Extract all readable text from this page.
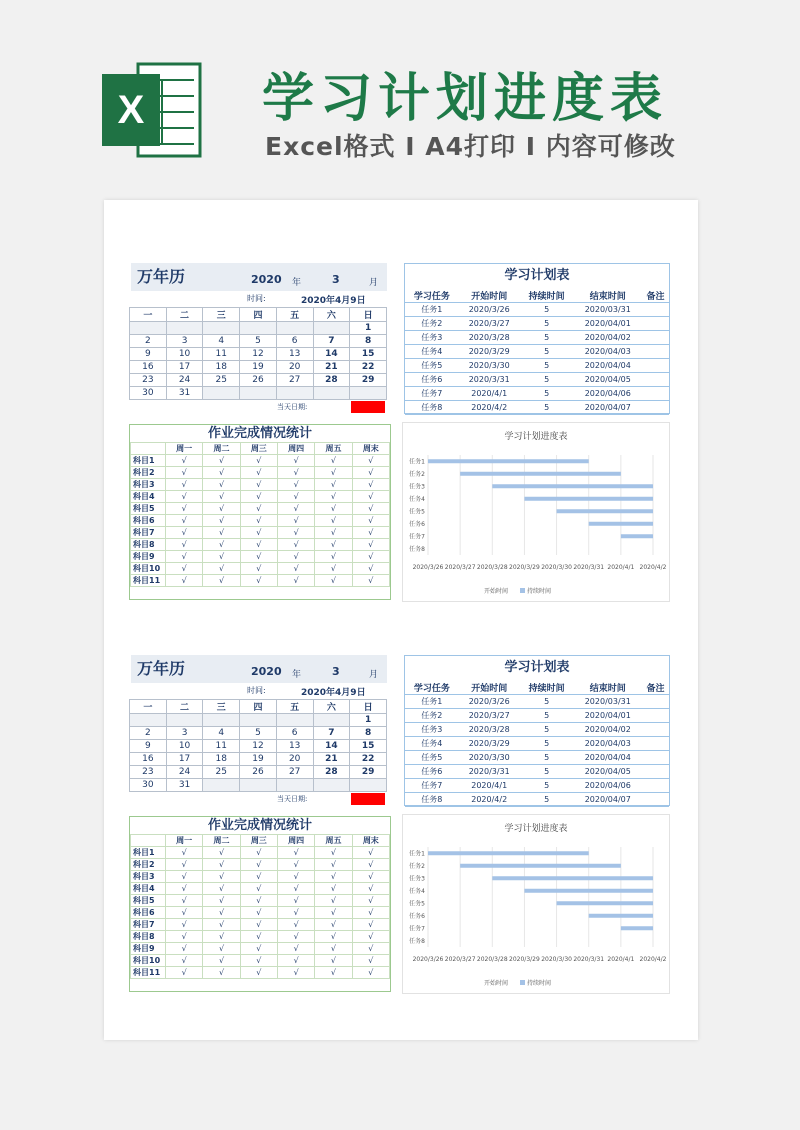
X 学习计划进度表
Excel格式 I A4打印 I 内容可修改
万年历	2020 年	3	月
时间:	2020年4月9日
一	二	三	四	五	六	日
						1
2	3	4	5	6	7	8
9	10	11	12	13	14	15
16	17	18	19	20	21	22
23	24	25	26	27	28	29
30	31					
当天日期:
学习计划表
学习任务	开始时间	持续时间	结束时间	备注
任务1	2020/3/26	5	2020/03/31	
任务2	2020/3/27	5	2020/04/01	
任务3	2020/3/28	5	2020/04/02	
任务4	2020/3/29	5	2020/04/03	
任务5	2020/3/30	5	2020/04/04	
任务6	2020/3/31	5	2020/04/05	
任务7	2020/4/1	5	2020/04/06	
任务8	2020/4/2	5	2020/04/07	
作业完成情况统计
	周一	周二	周三	周四	周五	周末
科目1	√	√	√	√	√	√
科目2	√	√	√	√	√	√
科目3	√	√	√	√	√	√
科目4	√	√	√	√	√	√
科目5	√	√	√	√	√	√
科目6	√	√	√	√	√	√
科目7	√	√	√	√	√	√
科目8	√	√	√	√	√	√
科目9	√	√	√	√	√	√
科目10	√	√	√	√	√	√
科目11	√	√	√	√	√	√
学习计划进度表
2020/3/26 2020/3/27 2020/3/28 2020/3/29 2020/3/30 2020/3/31 2020/4/1 2020/4/2
任务1
任务2
任务3
任务4
任务5
任务6
任务7
任务8
开始时间	持续时间
万年历	2020 年	3	月
时间:	2020年4月9日
一	二	三	四	五	六	日
						1
2	3	4	5	6	7	8
9	10	11	12	13	14	15
16	17	18	19	20	21	22
23	24	25	26	27	28	29
30	31					
当天日期:
学习计划表
学习任务	开始时间	持续时间	结束时间	备注
任务1	2020/3/26	5	2020/03/31	
任务2	2020/3/27	5	2020/04/01	
任务3	2020/3/28	5	2020/04/02	
任务4	2020/3/29	5	2020/04/03	
任务5	2020/3/30	5	2020/04/04	
任务6	2020/3/31	5	2020/04/05	
任务7	2020/4/1	5	2020/04/06	
任务8	2020/4/2	5	2020/04/07	
作业完成情况统计
	周一	周二	周三	周四	周五	周末
科目1	√	√	√	√	√	√
科目2	√	√	√	√	√	√
科目3	√	√	√	√	√	√
科目4	√	√	√	√	√	√
科目5	√	√	√	√	√	√
科目6	√	√	√	√	√	√
科目7	√	√	√	√	√	√
科目8	√	√	√	√	√	√
科目9	√	√	√	√	√	√
科目10	√	√	√	√	√	√
科目11	√	√	√	√	√	√
学习计划进度表
2020/3/26 2020/3/27 2020/3/28 2020/3/29 2020/3/30 2020/3/31 2020/4/1 2020/4/2
任务1
任务2
任务3
任务4
任务5
任务6
任务7
任务8
开始时间	持续时间
